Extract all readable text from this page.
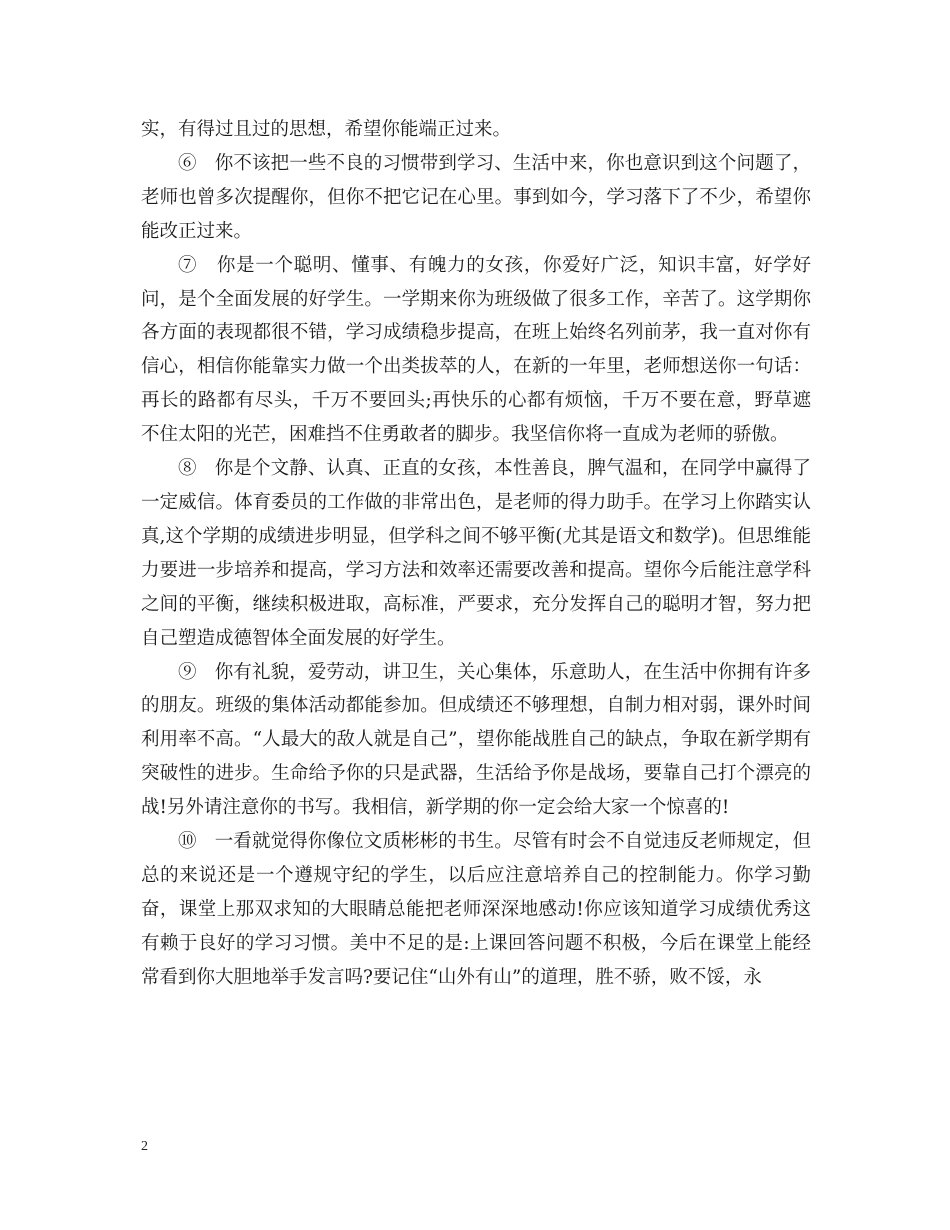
实，有得过且过的思想，希望你能端正过来。

⑥ 你不该把一些不良的习惯带到学习、生活中来，你也意识到这个问题了，老师也曾多次提醒你，但你不把它记在心里。事到如今，学习落下了不少，希望你能改正过来。

⑦ 你是一个聪明、懂事、有魄力的女孩，你爱好广泛，知识丰富，好学好问，是个全面发展的好学生。一学期来你为班级做了很多工作，辛苦了。这学期你各方面的表现都很不错，学习成绩稳步提高，在班上始终名列前茅，我一直对你有信心，相信你能靠实力做一个出类拔萃的人，在新的一年里，老师想送你一句话：再长的路都有尽头，千万不要回头;再快乐的心都有烦恼，千万不要在意，野草遮不住太阳的光芒，困难挡不住勇敢者的脚步。我坚信你将一直成为老师的骄傲。

⑧ 你是个文静、认真、正直的女孩，本性善良，脾气温和，在同学中赢得了一定威信。体育委员的工作做的非常出色，是老师的得力助手。在学习上你踏实认真,这个学期的成绩进步明显，但学科之间不够平衡(尤其是语文和数学)。但思维能力要进一步培养和提高，学习方法和效率还需要改善和提高。望你今后能注意学科之间的平衡，继续积极进取，高标准，严要求，充分发挥自己的聪明才智，努力把自己塑造成德智体全面发展的好学生。

⑨ 你有礼貌，爱劳动，讲卫生，关心集体，乐意助人，在生活中你拥有许多的朋友。班级的集体活动都能参加。但成绩还不够理想，自制力相对弱，课外时间利用率不高。“人最大的敌人就是自己”，望你能战胜自己的缺点，争取在新学期有突破性的进步。生命给予你的只是武器，生活给予你是战场，要靠自己打个漂亮的战!另外请注意你的书写。我相信，新学期的你一定会给大家一个惊喜的!

⑩ 一看就觉得你像位文质彬彬的书生。尽管有时会不自觉违反老师规定，但总的来说还是一个遵规守纪的学生，以后应注意培养自己的控制能力。你学习勤奋，课堂上那双求知的大眼睛总能把老师深深地感动!你应该知道学习成绩优秀这有赖于良好的学习习惯。美中不足的是:上课回答问题不积极，今后在课堂上能经常看到你大胆地举手发言吗?要记住“山外有山”的道理，胜不骄，败不馁，永

2
